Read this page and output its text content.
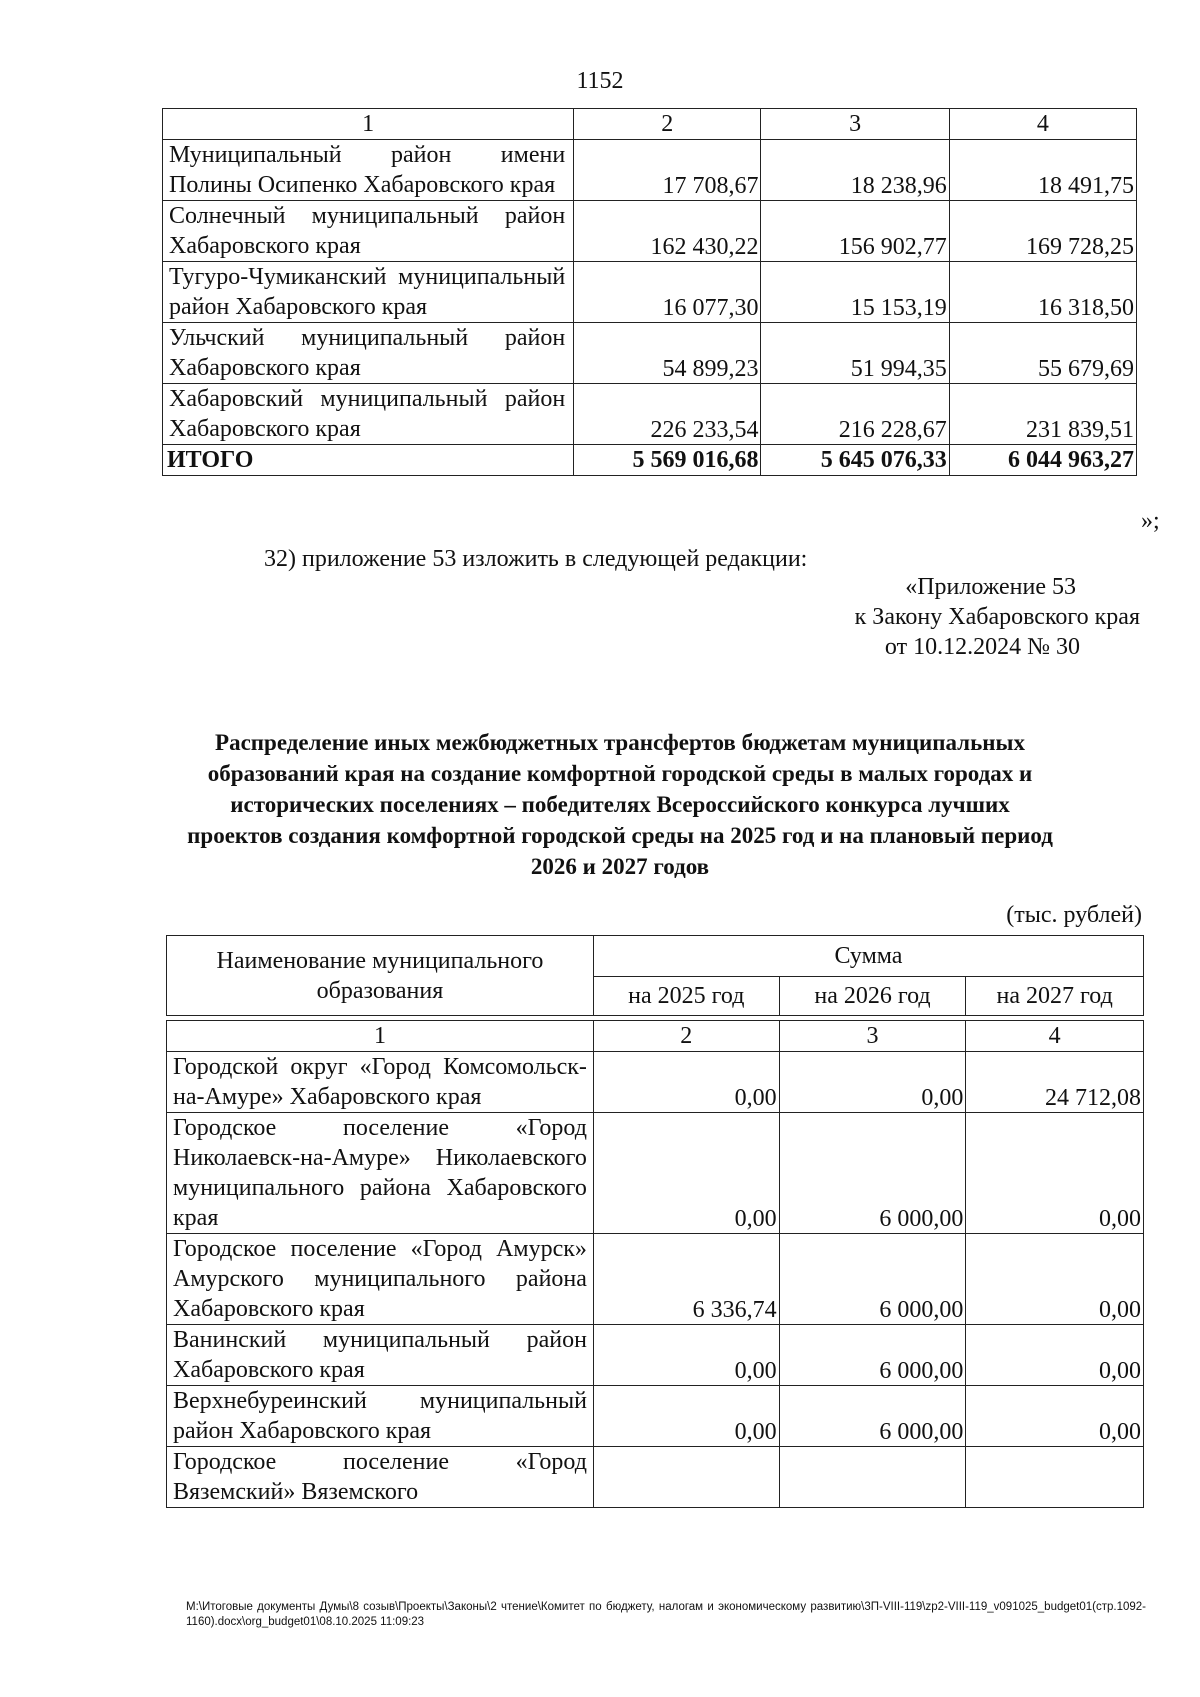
1152
1	2	3	4
Муниципальный район имени Полины Осипенко Хабаровского края	17 708,67	18 238,96	18 491,75
Солнечный муниципальный район Хабаровского края	162 430,22	156 902,77	169 728,25
Тугуро-Чумиканский муниципальный район Хабаровского края	16 077,30	15 153,19	16 318,50
Ульчский муниципальный район Хабаровского края	54 899,23	51 994,35	55 679,69
Хабаровский муниципальный район Хабаровского края	226 233,54	216 228,67	231 839,51
ИТОГО	5 569 016,68	5 645 076,33	6 044 963,27
»;
32) приложение 53 изложить в следующей редакции:
«Приложение 53
к Закону Хабаровского края
от 10.12.2024 № 30
Распределение иных межбюджетных трансфертов бюджетам муниципальных образований края на создание комфортной городской среды в малых городах и исторических поселениях – победителях Всероссийского конкурса лучших проектов создания комфортной городской среды на 2025 год и на плановый период 2026 и 2027 годов
(тыс. рублей)
Наименование муниципального образования	Сумма		
	на 2025 год	на 2026 год	на 2027 год

1	2	3	4
Городской округ «Город Комсомольск-на-Амуре» Хабаровского края	0,00	0,00	24 712,08
Городское поселение «Город Николаевск-на-Амуре» Николаевского муниципального района Хабаровского края	0,00	6 000,00	0,00
Городское поселение «Город Амурск» Амурского муниципального района Хабаровского края	6 336,74	6 000,00	0,00
Ванинский муниципальный район Хабаровского края	0,00	6 000,00	0,00
Верхнебуреинский муниципальный район Хабаровского края	0,00	6 000,00	0,00
Городское поселение «Город Вяземский» Вяземского			
M:\Итоговые документы Думы\8 созыв\Проекты\Законы\2 чтение\Комитет по бюджету, налогам и экономическому развитию\3П-VIII-119\zp2-VIII-119_v091025_budget01(стр.1092-1160).docx\org_budget01\08.10.2025 11:09:23
